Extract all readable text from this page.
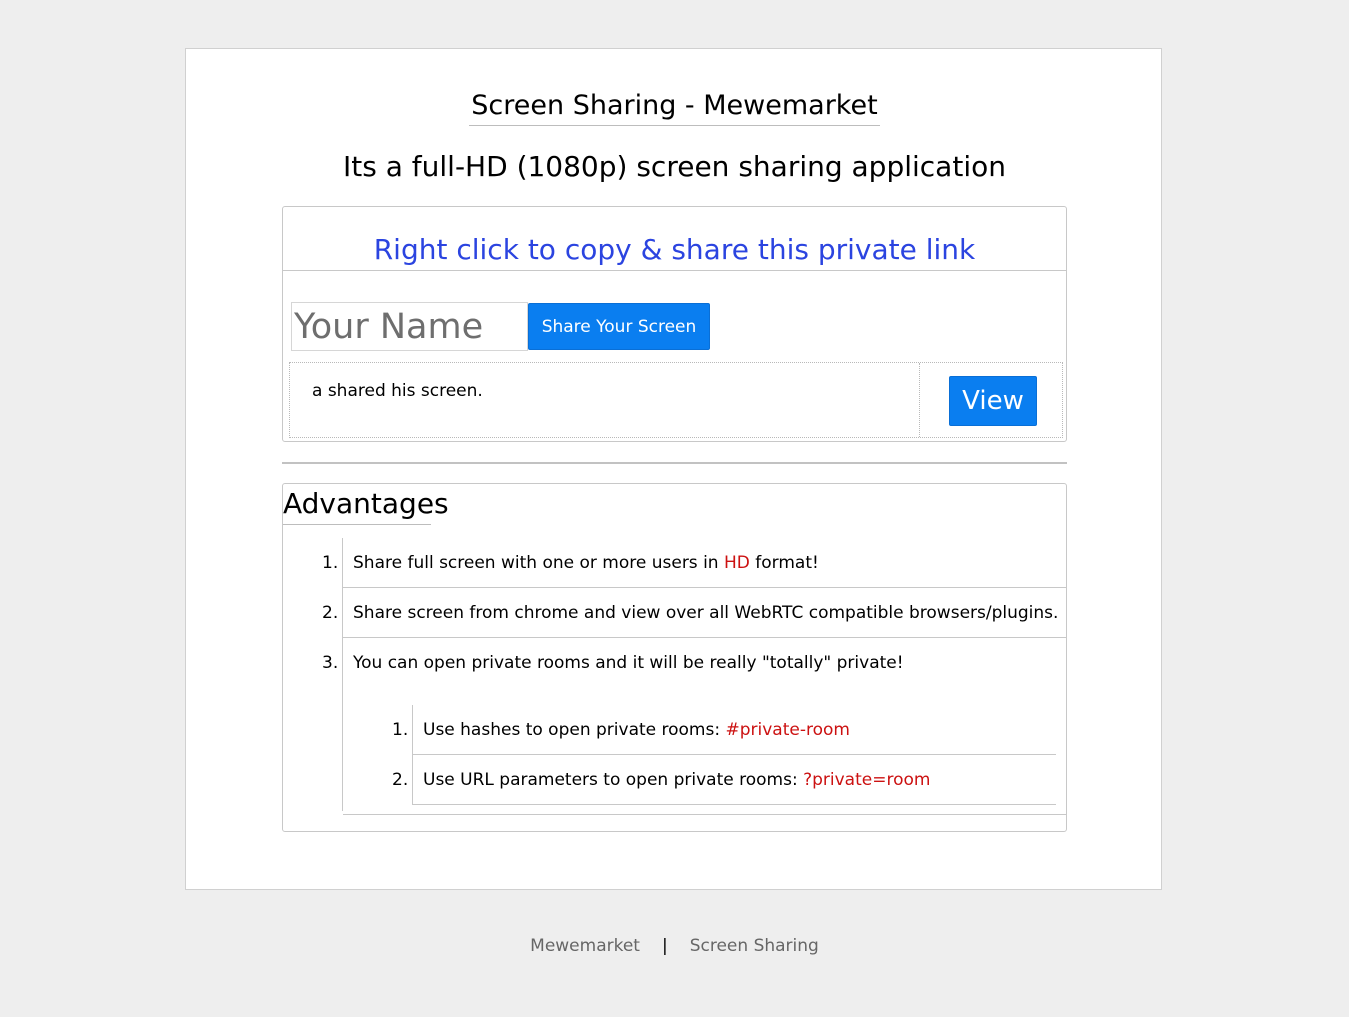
Screen Sharing - Mewemarket
Its a full-HD (1080p) screen sharing application
Right click to copy & share this private link
Your Name
Share Your Screen
a shared his screen.	View
Advantages
1. Share full screen with one or more users in HD format!
2. Share screen from chrome and view over all WebRTC compatible browsers/plugins.
3. You can open private rooms and it will be really "totally" private!
1. Use hashes to open private rooms: #private-room
2. Use URL parameters to open private rooms: ?private=room
Mewemarket | Screen Sharing
